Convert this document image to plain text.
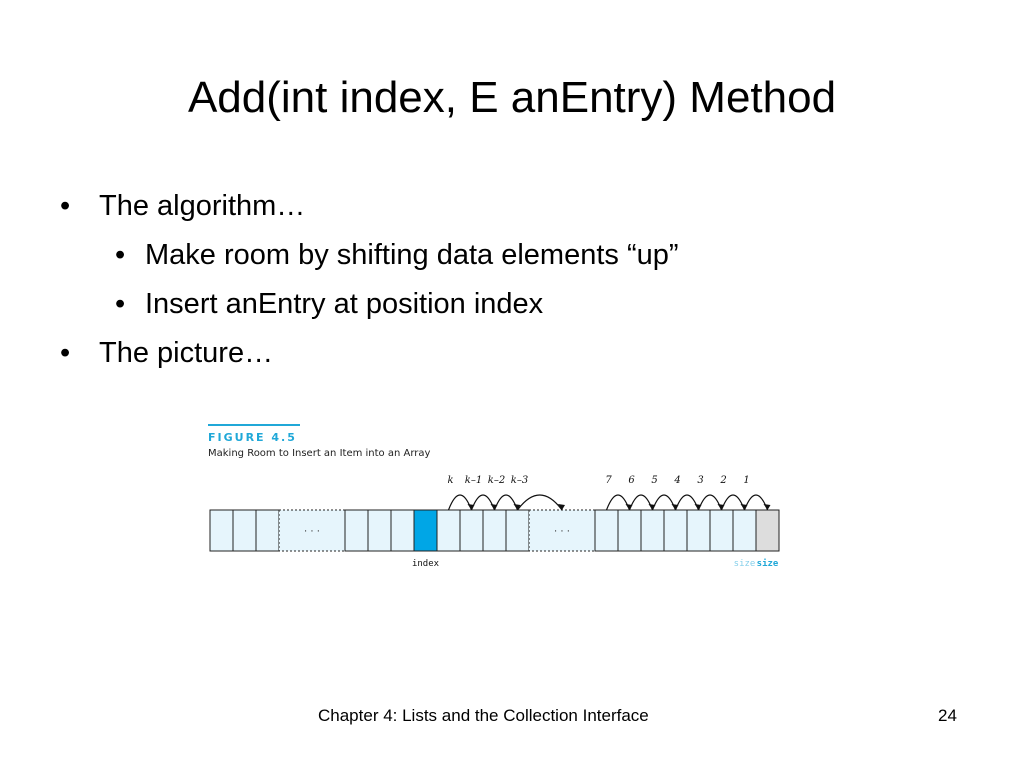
Add(int index, E anEntry) Method
• The algorithm…
• Make room by shifting data elements “up”
• Insert anEntry at position index
• The picture…
FIGURE 4.5
Making Room to Insert an Item into an Array
· · ·	· · ·
k k–1 k–2 k–3	7 6 5 4 3 2 1
index	size size
Chapter 4: Lists and the Collection Interface	24
